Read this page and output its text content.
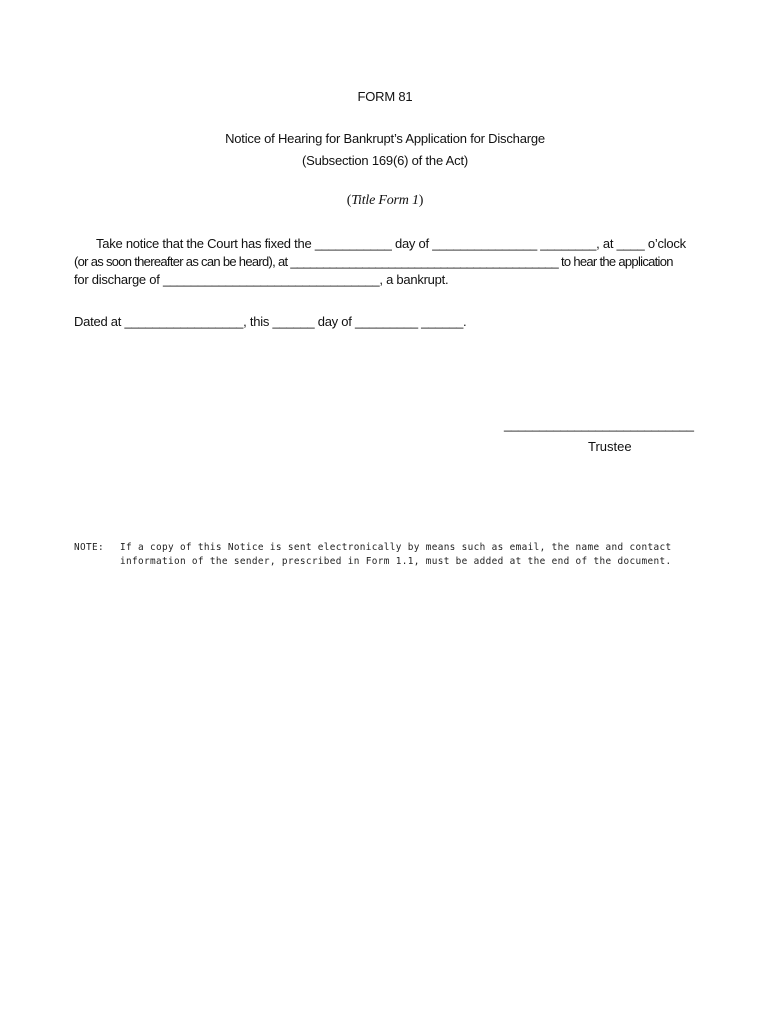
FORM 81
Notice of Hearing for Bankrupt’s Application for Discharge
(Subsection 169(6) of the Act)
(Title Form 1)
Take notice that the Court has fixed the ___________ day of _______________ ________, at ____ o’clock
(or as soon thereafter as can be heard), at _________________________________________ to hear the application
for discharge of _______________________________, a bankrupt.
Dated at _________________, this ______ day of _________ ______.
___________________________
Trustee
NOTE: If a copy of this Notice is sent electronically by means such as email, the name and contact
information of the sender, prescribed in Form 1.1, must be added at the end of the document.
